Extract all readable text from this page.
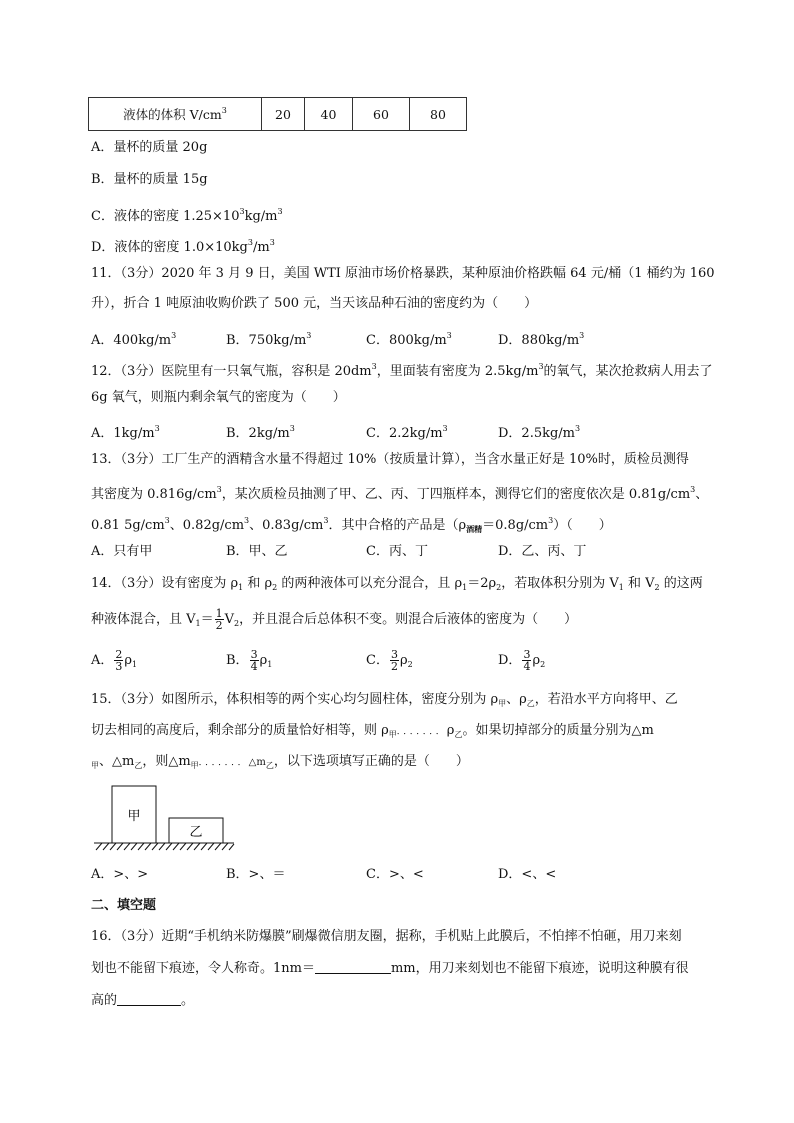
液体的体积 $V/cm^3$	20	40	60	80
A．量杯的质量 20g
B．量杯的质量 15g
C．液体的密度 $1.25\times 10^3kg/m^3$
D．液体的密度 $1.0\times 10kg^3/m^3$
11．（3分）2020 年 3 月 9 日，美国 WTI 原油市场价格暴跌，某种原油价格跌幅 64 元/桶（1 桶约为 160
升），折合 1 吨原油收购价跌了 500 元，当天该品种石油的密度约为（　　）
A．$400kg/m^3$	B．$750kg/m^3$	C．$800kg/m^3$	D．$880kg/m^3$
12．（3分）医院里有一只氧气瓶，容积是 $20dm^3$，里面装有密度为 $2.5kg/m^3$的氧气，某次抢救病人用去了
6g 氧气，则瓶内剩余氧气的密度为（　　）
A．$1kg/m^3$	B．$2kg/m^3$	C．$2.2kg/m^3$	D．$2.5kg/m^3$
13．（3分）工厂生产的酒精含水量不得超过 10%（按质量计算），当含水量正好是 10%时，质检员测得
其密度为 $0.816g/cm^3$，某次质检员抽测了甲、乙、丙、丁四瓶样本，测得它们的密度依次是 $0.81g/cm^3$、
0.81 $5g/cm^3$、$0.82g/cm^3$、$0.83g/cm^3$．其中合格的产品是$(\rho_{酒精}=0.8g/cm^3)$（　　）
A．只有甲	B．甲、乙	C．丙、丁	D．乙、丙、丁
14．（3分）设有密度为 $\rho_1$ 和 $\rho_2$ 的两种液体可以充分混合，且 $\rho_1=2\rho_2$，若取体积分别为 $V_1$ 和 $V_2$ 的这两
种液体混合，且 $V_1= \frac{1}{2} V_2$，并且混合后总体积不变。则混合后液体的密度为（　　）
A． $\frac{2}{3} \rho_1$	B． $\frac{3}{4} \rho_1$	C． $\frac{3}{2} \rho_2$	D． $\frac{3}{4} \rho_2$
15．（3分）如图所示，体积相等的两个实心均匀圆柱体，密度分别为 $\rho_甲$、$\rho_乙$，若沿水平方向将甲、乙
切去相同的高度后，剩余部分的质量恰好相等，则 $\rho_甲$．．．．．．．$\rho_乙$。如果切掉部分的质量分别为△m
$_甲$、$\triangle m_乙$，则$\triangle m_甲$．．．．．．．$\triangle m_乙$，以下选项填写正确的是（　　）
甲
乙
A．>、>	B．>、＝	C．>、<	D．<、<
二、填空题
16．（3分）近期“手机纳米防爆膜”刷爆微信朋友圈，据称，手机贴上此膜后，不怕摔不怕砸，用刀来刻
划也不能留下痕迹，令人称奇。1nm＝	mm，用刀来刻划也不能留下痕迹，说明这种膜有很
高的	。
